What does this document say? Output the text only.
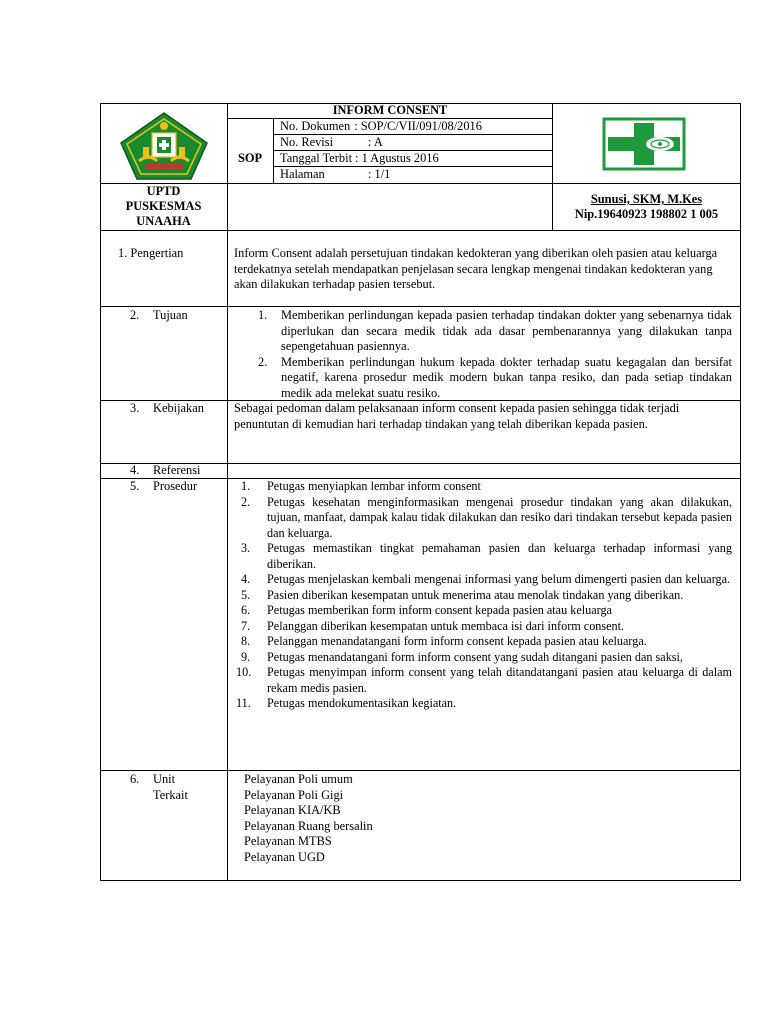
UPTD
PUSKESMAS
UNAAHA
INFORM CONSENT
SOP
No. Dokumen : SOP/C/VII/091/08/2016
No. Revisi	: A
Tanggal Terbit : 1 Agustus 2016
Halaman	: 1/1
Sunusi, SKM, M.Kes
Nip.19640923 198802 1 005
1. Pengertian	Inform Consent adalah persetujuan tindakan kedokteran yang diberikan oleh pasien atau keluarga terdekatnya setelah mendapatkan penjelasan secara lengkap mengenai tindakan kedokteran yang akan dilakukan terhadap pasien tersebut.
2. Tujuan	1. Memberikan perlindungan kepada pasien terhadap tindakan dokter yang sebenarnya tidak diperlukan dan secara medik tidak ada dasar pembenarannya yang dilakukan tanpa sepengetahuan pasiennya.
2. Memberikan perlindungan hukum kepada dokter terhadap suatu kegagalan dan bersifat negatif, karena prosedur medik modern bukan tanpa resiko, dan pada setiap tindakan medik ada melekat suatu resiko.
3. Kebijakan Sebagai pedoman dalam pelaksanaan inform consent kepada pasien sehingga tidak terjadi penuntutan di kemudian hari terhadap tindakan yang telah diberikan kepada pasien.
4. Referensi
5. Prosedur	1. Petugas menyiapkan lembar inform consent
2. Petugas kesehatan menginformasikan mengenai prosedur tindakan yang akan dilakukan, tujuan, manfaat, dampak kalau tidak dilakukan dan resiko dari tindakan tersebut kepada pasien dan keluarga.
3. Petugas memastikan tingkat pemahaman pasien dan keluarga terhadap informasi yang diberikan.
4. Petugas menjelaskan kembali mengenai informasi yang belum dimengerti pasien dan keluarga.
5. Pasien diberikan kesempatan untuk menerima atau menolak tindakan yang diberikan.
6. Petugas memberikan form inform consent kepada pasien atau keluarga
7. Pelanggan diberikan kesempatan untuk membaca isi dari inform consent.
8. Pelanggan menandatangani form inform consent kepada pasien atau keluarga.
9. Petugas menandatangani form inform consent yang sudah ditangani pasien dan saksi,
10. Petugas menyimpan inform consent yang telah ditandatangani pasien atau keluarga di dalam rekam medis pasien.
11. Petugas mendokumentasikan kegiatan.
6. Unit
Terkait
Pelayanan Poli umum
Pelayanan Poli Gigi
Pelayanan KIA/KB
Pelayanan Ruang bersalin
Pelayanan MTBS
Pelayanan UGD
